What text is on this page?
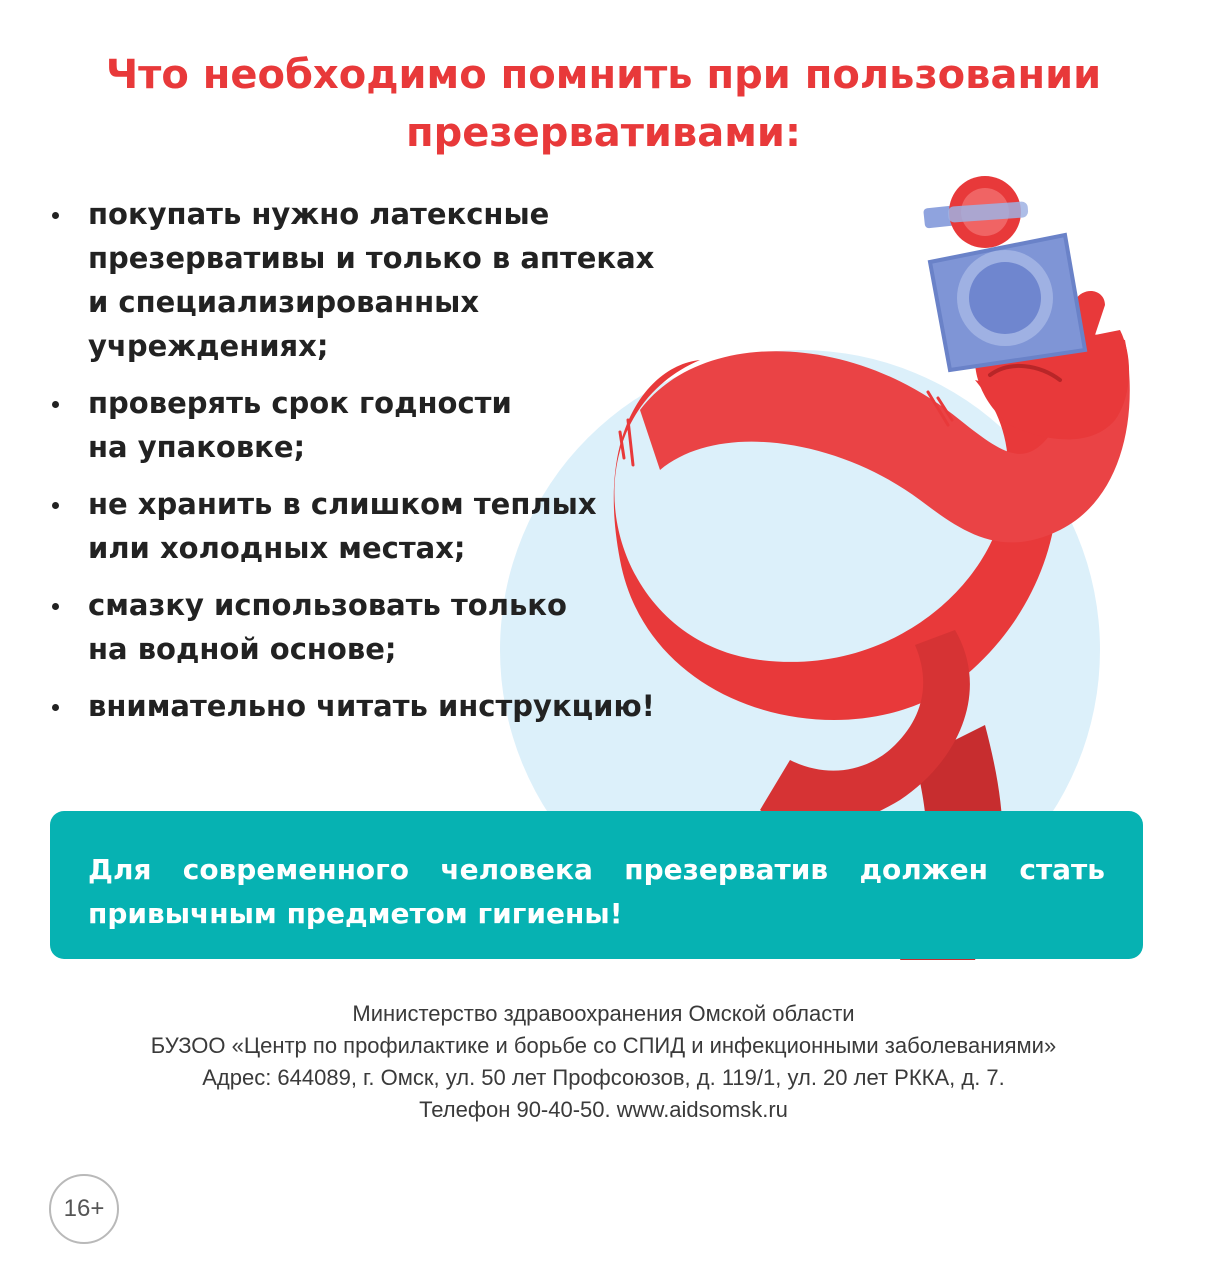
Что необходимо помнить при пользовании
презервативами:
покупать нужно латексные
презервативы и только в аптеках
и специализированных
учреждениях;
проверять срок годности
на упаковке;
не хранить в слишком теплых
или холодных местах;
смазку использовать только
на водной основе;
внимательно читать инструкцию!
Для современного человека презерватив должен стать
привычным предметом гигиены!
Министерство здравоохранения Омской области
БУЗОО «Центр по профилактике и борьбе со СПИД и инфекционными заболеваниями»
Адрес: 644089, г. Омск, ул. 50 лет Профсоюзов, д. 119/1, ул. 20 лет РККА, д. 7.
Телефон 90-40-50. www.aidsomsk.ru
16+
